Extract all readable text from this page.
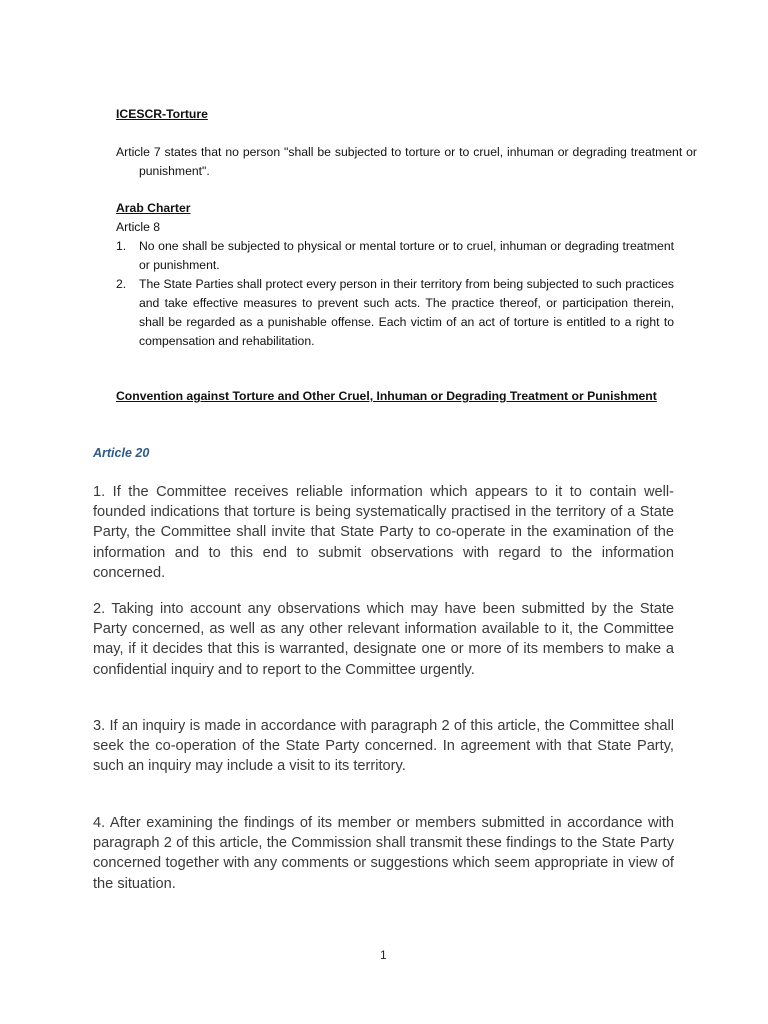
ICESCR-Torture
Article 7 states that no person "shall be subjected to torture or to cruel, inhuman or degrading treatment or punishment".
Arab Charter
Article 8
1. No one shall be subjected to physical or mental torture or to cruel, inhuman or degrading treatment or punishment.
2. The State Parties shall protect every person in their territory from being subjected to such practices and take effective measures to prevent such acts. The practice thereof, or participation therein, shall be regarded as a punishable offense. Each victim of an act of torture is entitled to a right to compensation and rehabilitation.
Convention against Torture and Other Cruel, Inhuman or Degrading Treatment or Punishment
Article 20

1. If the Committee receives reliable information which appears to it to contain well-founded indications that torture is being systematically practised in the territory of a State Party, the Committee shall invite that State Party to co-operate in the examination of the information and to this end to submit observations with regard to the information concerned.

2. Taking into account any observations which may have been submitted by the State Party concerned, as well as any other relevant information available to it, the Committee may, if it decides that this is warranted, designate one or more of its members to make a confidential inquiry and to report to the Committee urgently.

3. If an inquiry is made in accordance with paragraph 2 of this article, the Committee shall seek the co-operation of the State Party concerned. In agreement with that State Party, such an inquiry may include a visit to its territory.

4. After examining the findings of its member or members submitted in accordance with paragraph 2 of this article, the Commission shall transmit these findings to the State Party concerned together with any comments or suggestions which seem appropriate in view of the situation.

1
